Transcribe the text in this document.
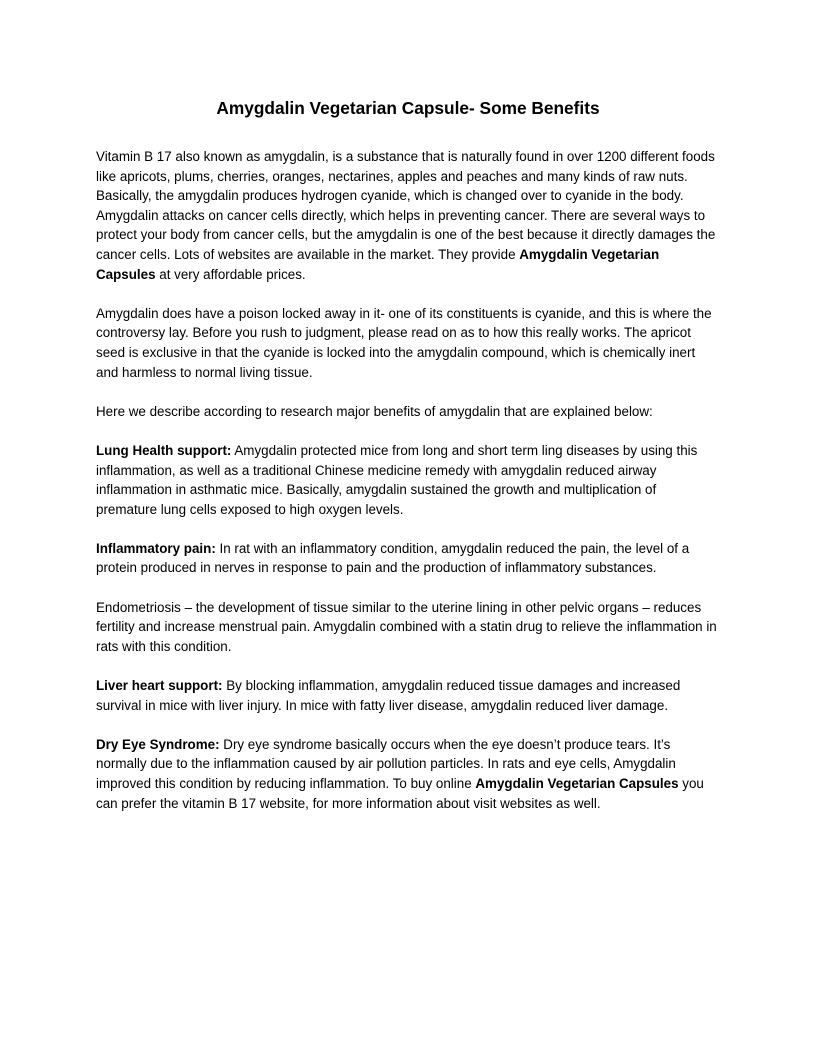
Amygdalin Vegetarian Capsule- Some Benefits

Vitamin B 17 also known as amygdalin, is a substance that is naturally found in over 1200 different foods like apricots, plums, cherries, oranges, nectarines, apples and peaches and many kinds of raw nuts. Basically, the amygdalin produces hydrogen cyanide, which is changed over to cyanide in the body. Amygdalin attacks on cancer cells directly, which helps in preventing cancer. There are several ways to protect your body from cancer cells, but the amygdalin is one of the best because it directly damages the cancer cells. Lots of websites are available in the market. They provide Amygdalin Vegetarian Capsules at very affordable prices.

Amygdalin does have a poison locked away in it- one of its constituents is cyanide, and this is where the controversy lay. Before you rush to judgment, please read on as to how this really works. The apricot seed is exclusive in that the cyanide is locked into the amygdalin compound, which is chemically inert and harmless to normal living tissue.

Here we describe according to research major benefits of amygdalin that are explained below:

Lung Health support: Amygdalin protected mice from long and short term ling diseases by using this inflammation, as well as a traditional Chinese medicine remedy with amygdalin reduced airway inflammation in asthmatic mice. Basically, amygdalin sustained the growth and multiplication of premature lung cells exposed to high oxygen levels.

Inflammatory pain: In rat with an inflammatory condition, amygdalin reduced the pain, the level of a protein produced in nerves in response to pain and the production of inflammatory substances.

Endometriosis – the development of tissue similar to the uterine lining in other pelvic organs – reduces fertility and increase menstrual pain. Amygdalin combined with a statin drug to relieve the inflammation in rats with this condition.

Liver heart support: By blocking inflammation, amygdalin reduced tissue damages and increased survival in mice with liver injury. In mice with fatty liver disease, amygdalin reduced liver damage.

Dry Eye Syndrome: Dry eye syndrome basically occurs when the eye doesn’t produce tears. It’s normally due to the inflammation caused by air pollution particles. In rats and eye cells, Amygdalin improved this condition by reducing inflammation. To buy online Amygdalin Vegetarian Capsules you can prefer the vitamin B 17 website, for more information about visit websites as well.
